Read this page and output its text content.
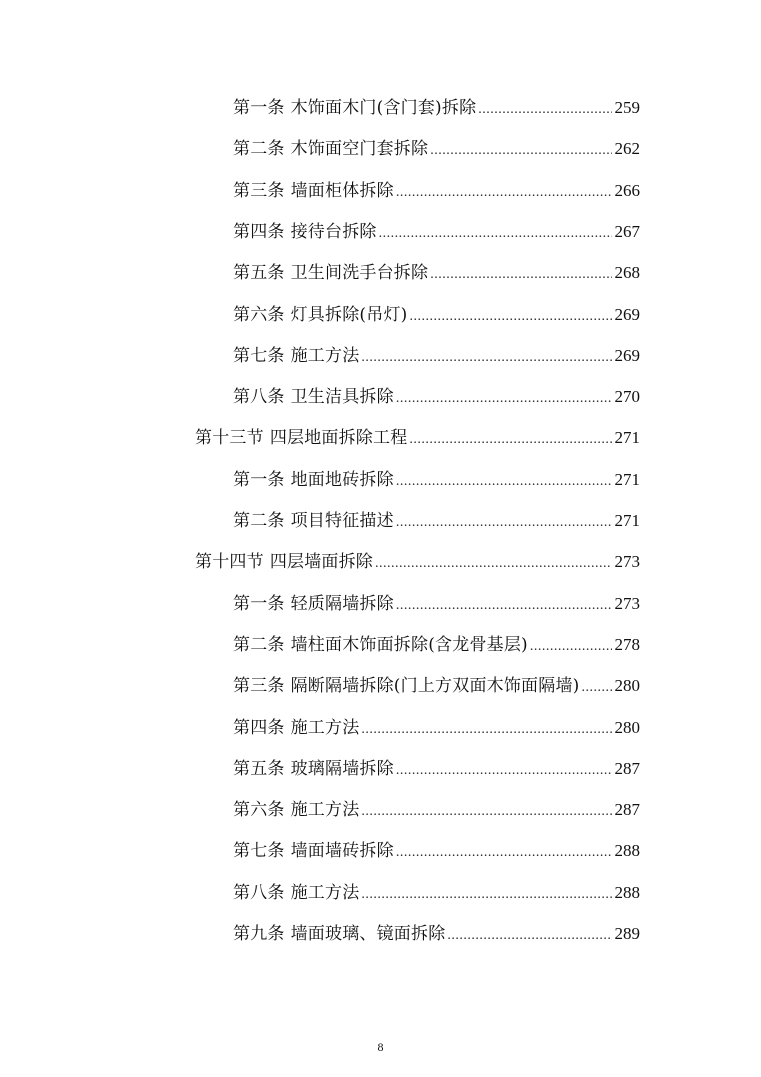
第一条 木饰面木门(含门套)拆除 .....	259
第二条 木饰面空门套拆除 .....	262
第三条 墙面柜体拆除 .....	266
第四条 接待台拆除 .....	267
第五条 卫生间洗手台拆除 .....	268
第六条 灯具拆除(吊灯) .....	269
第七条 施工方法 .....	269
第八条 卫生洁具拆除 .....	270
第十三节 四层地面拆除工程 .....	271
第一条 地面地砖拆除 .....	271
第二条 项目特征描述 .....	271
第十四节 四层墙面拆除 .....	273
第一条 轻质隔墙拆除 .....	273
第二条 墙柱面木饰面拆除(含龙骨基层) .....	278
第三条 隔断隔墙拆除(门上方双面木饰面隔墙) ..... 280
第四条 施工方法 .....	280
第五条 玻璃隔墙拆除 .....	287
第六条 施工方法 .....	287
第七条 墙面墙砖拆除 .....	288
第八条 施工方法 .....	288
第九条 墙面玻璃、镜面拆除 .....	289
8
